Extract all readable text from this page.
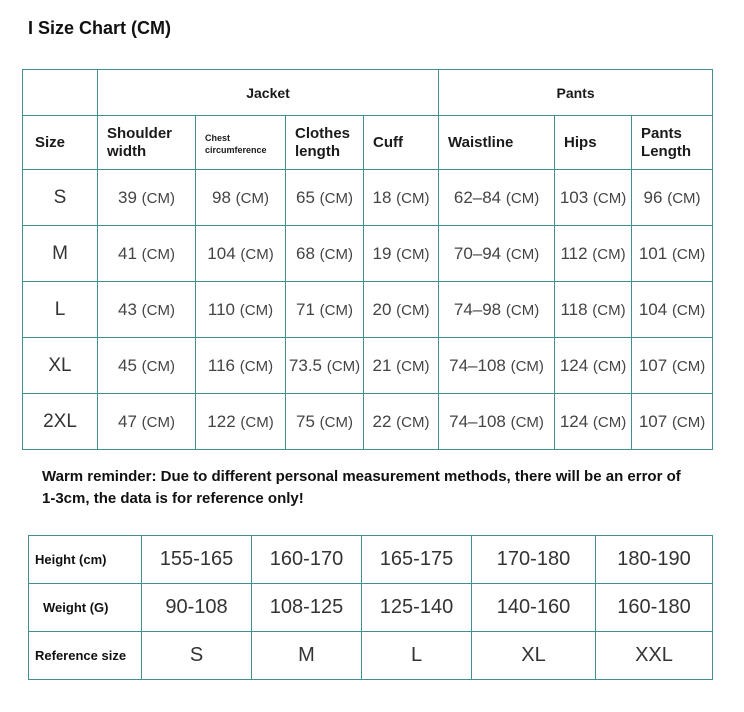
I Size Chart (CM)
	Jacket				Pants		
Size	Shoulder width	Chest circumference	Clothes length	Cuff	Waistline	Hips	Pants Length
S	39 (CM)	98 (CM)	65 (CM)	18 (CM)	62–84 (CM)	103 (CM)	96 (CM)
M	41 (CM)	104 (CM)	68 (CM)	19 (CM)	70–94 (CM)	112 (CM)	101 (CM)
L	43 (CM)	110 (CM)	71 (CM)	20 (CM)	74–98 (CM)	118 (CM)	104 (CM)
XL	45 (CM)	116 (CM)	73.5 (CM)	21 (CM)	74–108 (CM)	124 (CM)	107 (CM)
2XL	47 (CM)	122 (CM)	75 (CM)	22 (CM)	74–108 (CM)	124 (CM)	107 (CM)
Warm reminder: Due to different personal measurement methods, there will be an error of 1-3cm, the data is for reference only!
Height (cm)	155-165	160-170	165-175	170-180	180-190
Weight (G)	90-108	108-125	125-140	140-160	160-180
Reference size	S	M	L	XL	XXL
